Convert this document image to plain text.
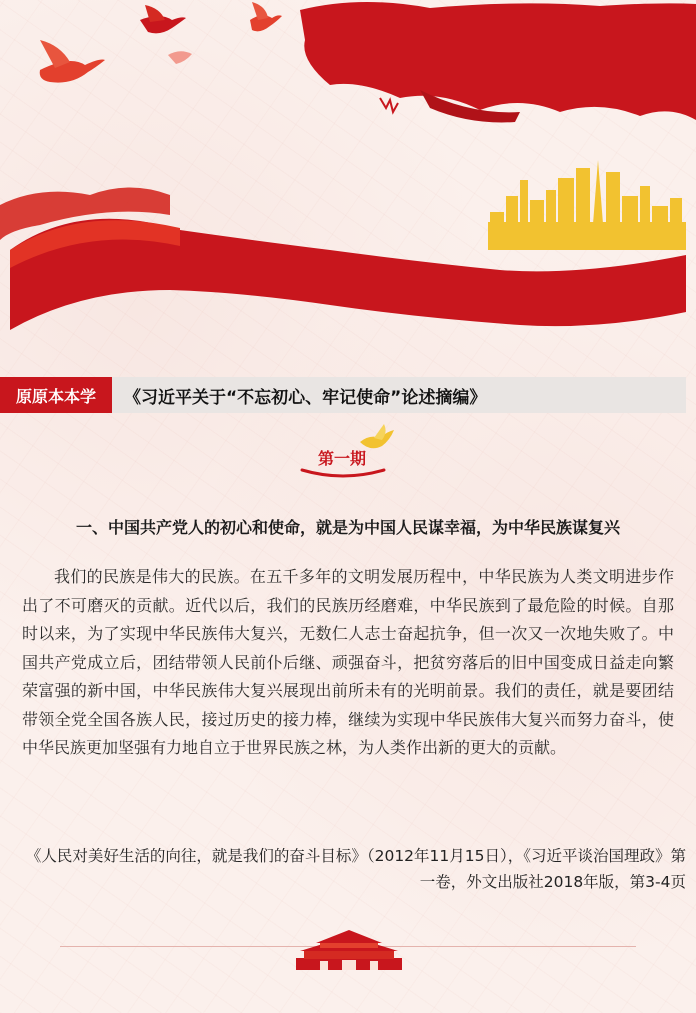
原原本本学	《习近平关于“不忘初心、牢记使命”论述摘编》
第一期
一、中国共产党人的初心和使命，就是为中国人民谋幸福，为中华民族谋复兴

我们的民族是伟大的民族。在五千多年的文明发展历程中，中华民族为人类文明进步作出了不可磨灭的贡献。近代以后，我们的民族历经磨难，中华民族到了最危险的时候。自那时以来，为了实现中华民族伟大复兴，无数仁人志士奋起抗争，但一次又一次地失败了。中国共产党成立后，团结带领人民前仆后继、顽强奋斗，把贫穷落后的旧中国变成日益走向繁荣富强的新中国，中华民族伟大复兴展现出前所未有的光明前景。我们的责任，就是要团结带领全党全国各族人民，接过历史的接力棒，继续为实现中华民族伟大复兴而努力奋斗，使中华民族更加坚强有力地自立于世界民族之林，为人类作出新的更大的贡献。

《人民对美好生活的向往，就是我们的奋斗目标》（2012年11月15日），《习近平谈治国理政》第一卷，外文出版社2018年版，第3-4页
